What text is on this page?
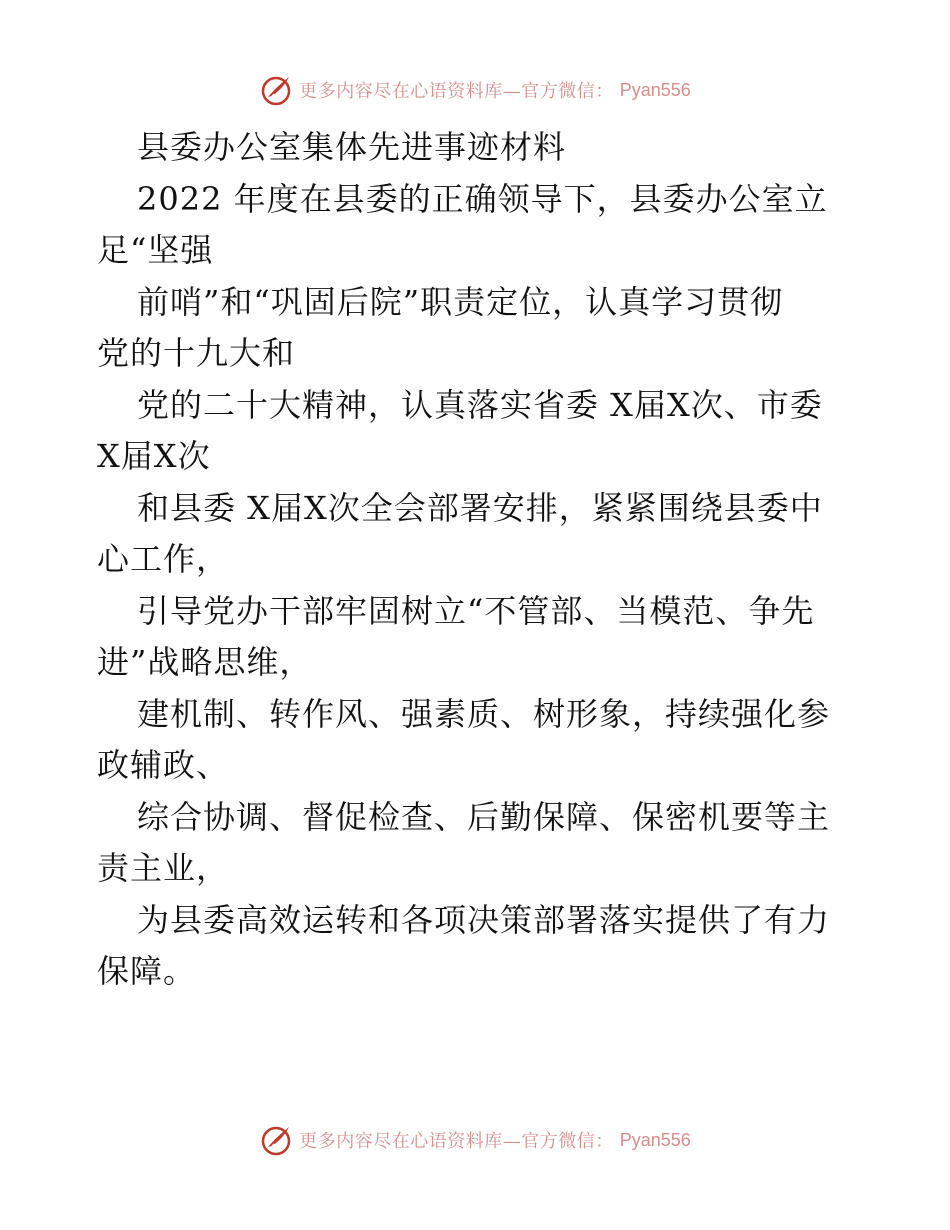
更多内容尽在心语资料库—官方微信： Pyan556
县委办公室集体先进事迹材料
2022 年度在县委的正确领导下，县委办公室立
足“坚强
前哨”和“巩固后院”职责定位，认真学习贯彻
党的十九大和
党的二十大精神，认真落实省委 X届X次、市委
X届X次
和县委 X届X次全会部署安排，紧紧围绕县委中
心工作，
引导党办干部牢固树立“不管部、当模范、争先
进”战略思维，
建机制、转作风、强素质、树形象，持续强化参
政辅政、
综合协调、督促检查、后勤保障、保密机要等主
责主业，
为县委高效运转和各项决策部署落实提供了有力
保障。
更多内容尽在心语资料库—官方微信： Pyan556
